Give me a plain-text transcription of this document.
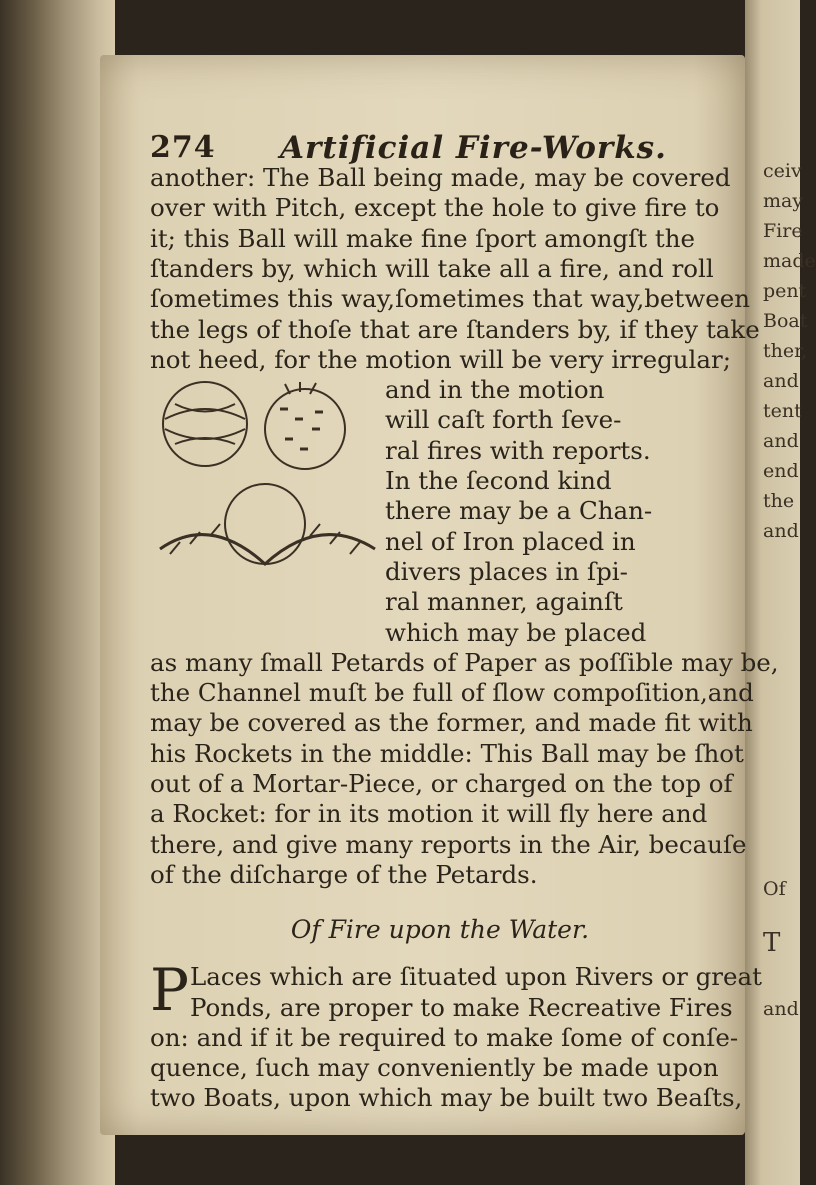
ceiv
may
Fire
made
pent
Boat
ther,
and
tent
and
end
the
and
Of
T
and
274 Artificial Fire-Works.
another: The Ball being made, may be covered
over with Pitch, except the hole to give fire to
it; this Ball will make fine ſport amongſt the
ſtanders by, which will take all a fire, and roll
ſometimes this way,ſometimes that way,between
the legs of thoſe that are ſtanders by, if they take
not heed, for the motion will be very irregular;
and in the motion
will caſt forth ſeve-
ral fires with reports.
In the ſecond kind
there may be a Chan-
nel of Iron placed in
divers places in ſpi-
ral manner, againſt
which may be placed
as many ſmall Petards of Paper as poſſible may be,
the Channel muſt be full of ſlow compoſition,and
may be covered as the former, and made fit with
his Rockets in the middle: This Ball may be ſhot
out of a Mortar-Piece, or charged on the top of
a Rocket: for in its motion it will fly here and
there, and give many reports in the Air, becauſe
of the diſcharge of the Petards.
Of Fire upon the Water.
P Laces which are ſituated upon Rivers or great
Ponds, are proper to make Recreative Fires
on: and if it be required to make ſome of conſe-
quence, ſuch may conveniently be made upon
two Boats, upon which may be built two Beaſts,
